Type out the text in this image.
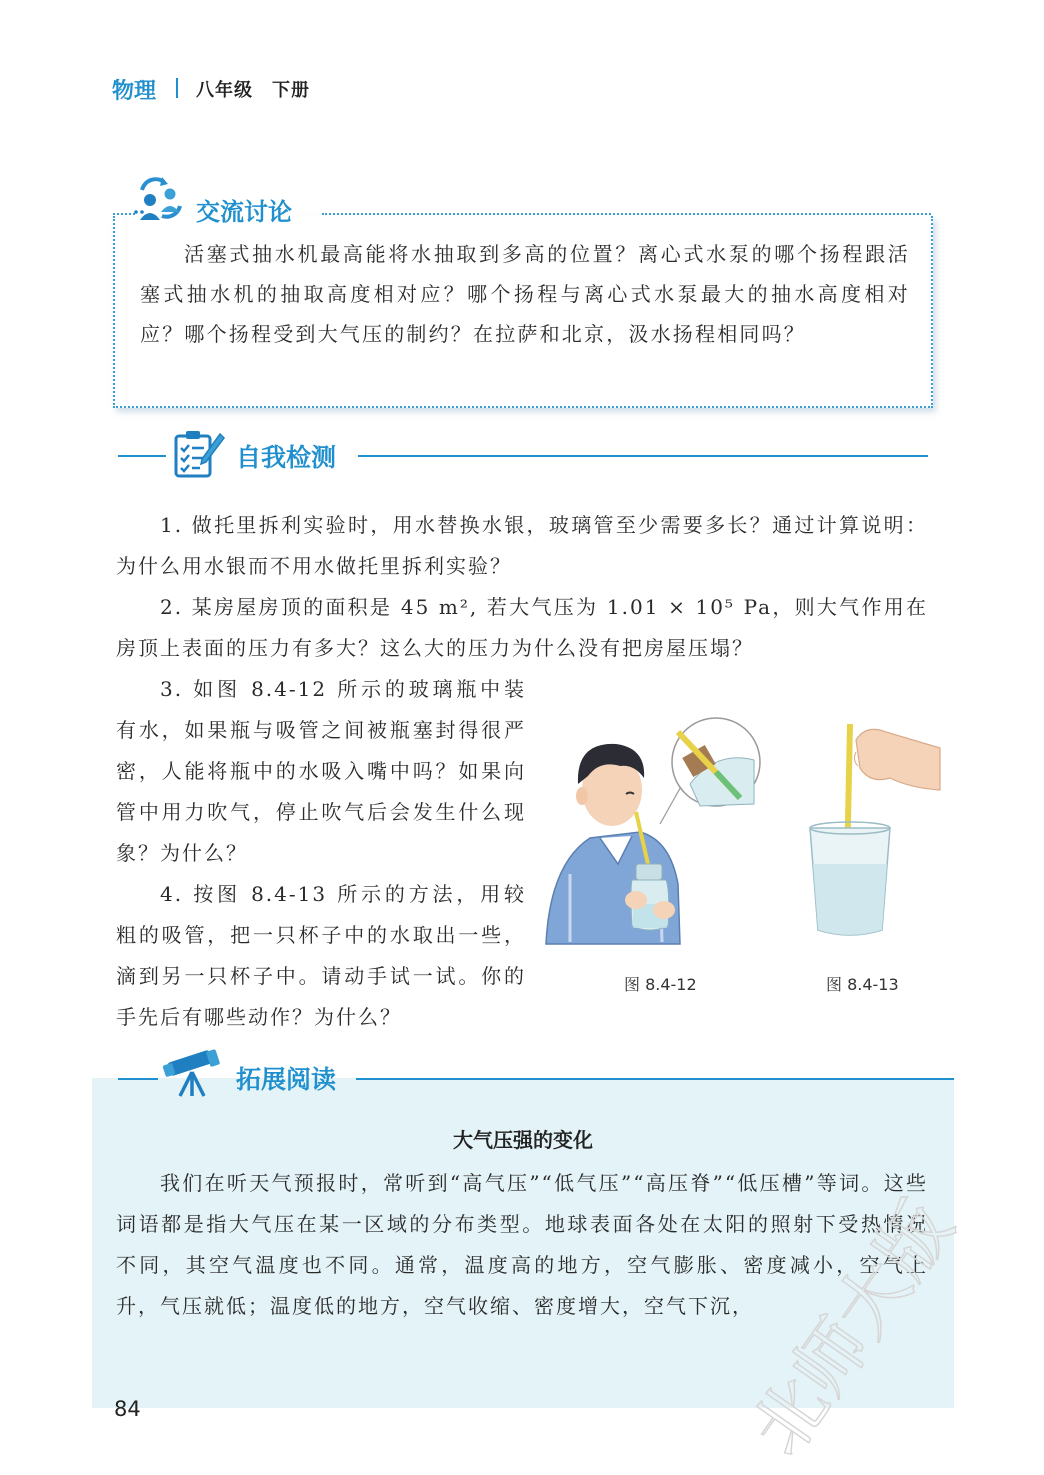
物理 八年级　下册
交流讨论
活塞式抽水机最高能将水抽取到多高的位置？离心式水泵的哪个扬程跟活塞式抽水机的抽取高度相对应？哪个扬程与离心式水泵最大的抽水高度相对应？哪个扬程受到大气压的制约？在拉萨和北京，汲水扬程相同吗？
自我检测
1. 做托里拆利实验时，用水替换水银，玻璃管至少需要多长？通过计算说明：为什么用水银而不用水做托里拆利实验？
2. 某房屋房顶的面积是 45 m², 若大气压为 1.01 × 10⁵ Pa，则大气作用在房顶上表面的压力有多大？这么大的压力为什么没有把房屋压塌？
3. 如图 8.4-12 所示的玻璃瓶中装有水，如果瓶与吸管之间被瓶塞封得很严密，人能将瓶中的水吸入嘴中吗？如果向管中用力吹气，停止吹气后会发生什么现象？为什么？
4. 按图 8.4-13 所示的方法，用较粗的吸管，把一只杯子中的水取出一些，滴到另一只杯子中。请动手试一试。你的手先后有哪些动作？为什么？
图 8.4-12	图 8.4-13
拓展阅读
大气压强的变化
我们在听天气预报时，常听到“高气压”“低气压”“高压脊”“低压槽”等词。这些词语都是指大气压在某一区域的分布类型。地球表面各处在太阳的照射下受热情况不同，其空气温度也不同。通常，温度高的地方，空气膨胀、密度减小，空气上升，气压就低；温度低的地方，空气收缩、密度增大，空气下沉，
84	北师大版
